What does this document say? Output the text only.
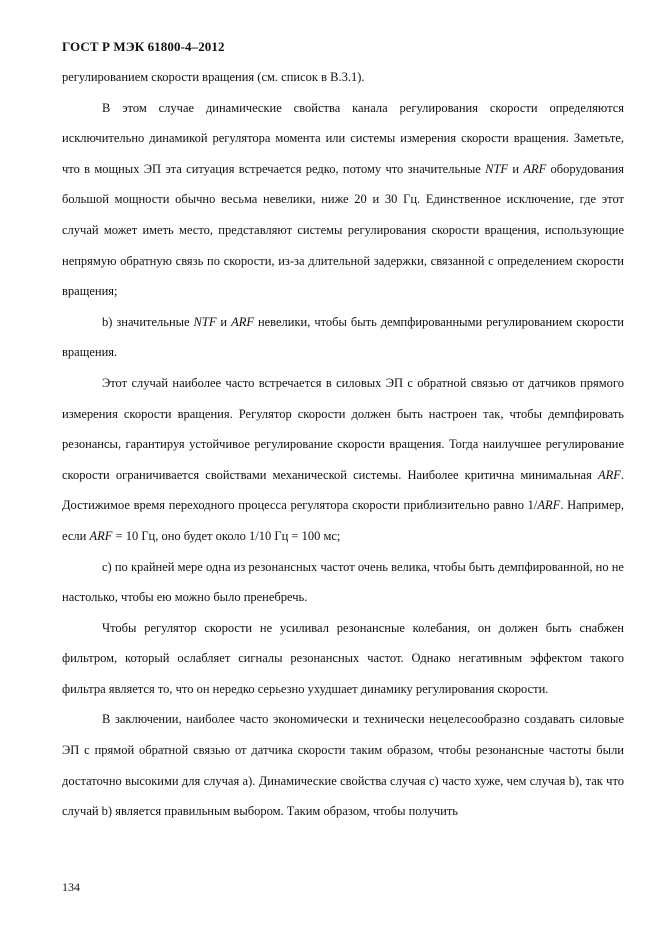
ГОСТ Р МЭК 61800-4–2012

регулированием скорости вращения (см. список в В.3.1).

В этом случае динамические свойства канала регулирования скорости определяются исключительно динамикой регулятора момента или системы измерения скорости вращения. Заметьте, что в мощных ЭП эта ситуация встречается редко, потому что значительные NTF и ARF оборудования большой мощности обычно весьма невелики, ниже 20 и 30 Гц. Единственное исключение, где этот случай может иметь место, представляют системы регулирования скорости вращения, использующие непрямую обратную связь по скорости, из-за длительной задержки, связанной с определением скорости вращения;

b) значительные NTF и ARF невелики, чтобы быть демпфированными регулированием скорости вращения.

Этот случай наиболее часто встречается в силовых ЭП с обратной связью от датчиков прямого измерения скорости вращения. Регулятор скорости должен быть настроен так, чтобы демпфировать резонансы, гарантируя устойчивое регулирование скорости вращения. Тогда наилучшее регулирование скорости ограничивается свойствами механической системы. Наиболее критична минимальная ARF. Достижимое время переходного процесса регулятора скорости приблизительно равно 1/ARF. Например, если ARF = 10 Гц, оно будет около 1/10 Гц = 100 мс;

c) по крайней мере одна из резонансных частот очень велика, чтобы быть демпфированной, но не настолько, чтобы ею можно было пренебречь.

Чтобы регулятор скорости не усиливал резонансные колебания, он должен быть снабжен фильтром, который ослабляет сигналы резонансных частот. Однако негативным эффектом такого фильтра является то, что он нередко серьезно ухудшает динамику регулирования скорости.

В заключении, наиболее часто экономически и технически нецелесообразно создавать силовые ЭП с прямой обратной связью от датчика скорости таким образом, чтобы резонансные частоты были достаточно высокими для случая a). Динамические свойства случая c) часто хуже, чем случая b), так что случай b) является правильным выбором. Таким образом, чтобы получить

134
